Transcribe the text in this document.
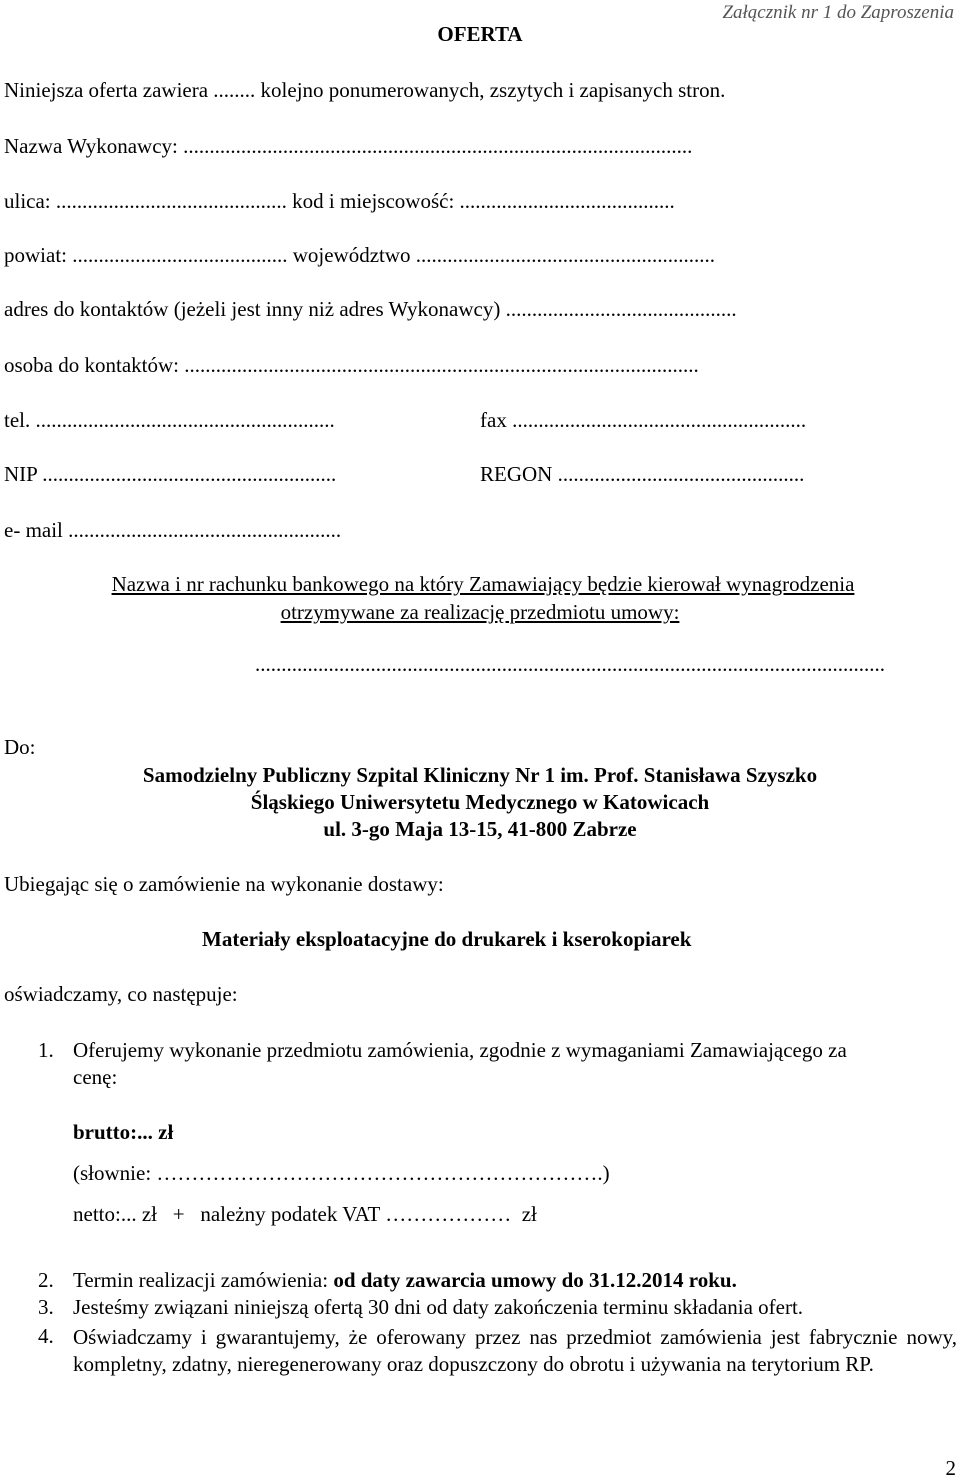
Załącznik nr 1 do Zaproszenia
OFERTA
Niniejsza oferta zawiera ........ kolejno ponumerowanych, zszytych i zapisanych stron.
Nazwa Wykonawcy: .................................................................................................
ulica: ............................................ kod i miejscowość: .........................................
powiat: ......................................... województwo .........................................................
adres do kontaktów (jeżeli jest inny niż adres Wykonawcy) ............................................
osoba do kontaktów: ..................................................................................................
tel. .........................................................	fax ........................................................
NIP ........................................................	REGON ...............................................
e- mail ....................................................
Nazwa i nr rachunku bankowego na który Zamawiający będzie kierował wynagrodzenia
otrzymywane za realizację przedmiotu umowy:
........................................................................................................................
Do:
Samodzielny Publiczny Szpital Kliniczny Nr 1 im. Prof. Stanisława Szyszko
Śląskiego Uniwersytetu Medycznego w Katowicach
ul. 3-go Maja 13-15, 41-800 Zabrze
Ubiegając się o zamówienie na wykonanie dostawy:
Materiały eksploatacyjne do drukarek i kserokopiarek
oświadczamy, co następuje:
1. Oferujemy wykonanie przedmiotu zamówienia, zgodnie z wymaganiami Zamawiającego za
cenę:
brutto:... zł
(słownie: ……………………………………………………….)
netto:... zł   +   należny podatek VAT ………………  zł
2. Termin realizacji zamówienia: od daty zawarcia umowy do 31.12.2014 roku.
3. Jesteśmy związani niniejszą ofertą 30 dni od daty zakończenia terminu składania ofert.
4. Oświadczamy i gwarantujemy, że oferowany przez nas przedmiot zamówienia jest fabrycznie nowy, kompletny, zdatny, nieregenerowany oraz dopuszczony do obrotu i używania na terytorium RP.
2
